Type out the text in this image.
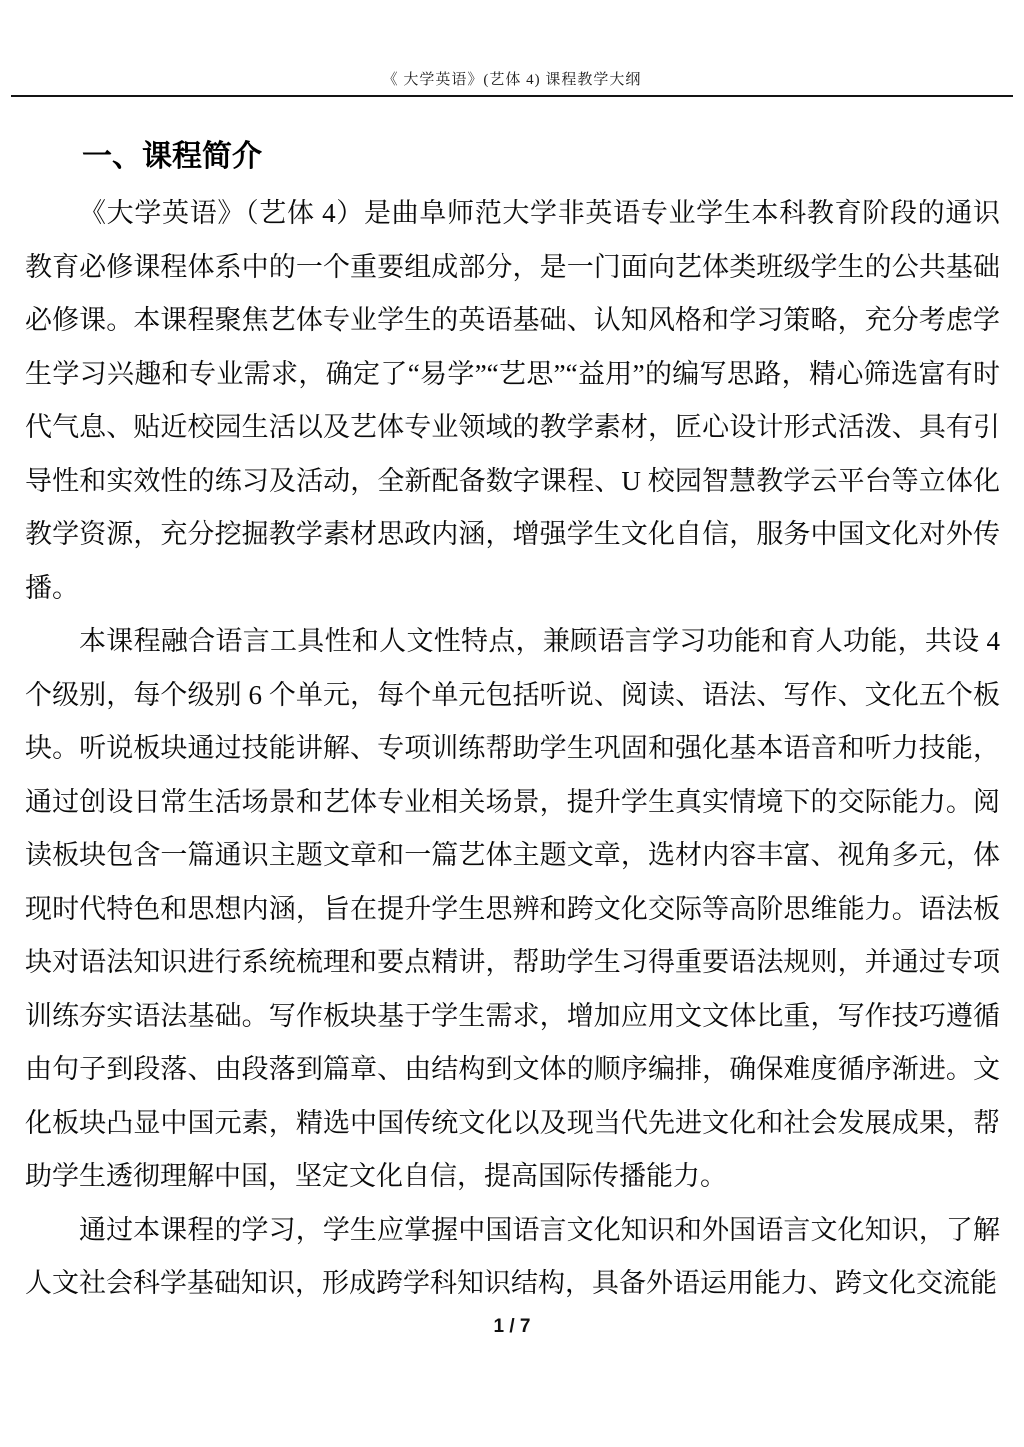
《 大学英语》(艺体 4) 课程教学大纲
一、课程简介

《大学英语》（艺体 4）是曲阜师范大学非英语专业学生本科教育阶段的通识教育必修课程体系中的一个重要组成部分，是一门面向艺体类班级学生的公共基础必修课。本课程聚焦艺体专业学生的英语基础、认知风格和学习策略，充分考虑学生学习兴趣和专业需求，确定了“易学”“艺思”“益用”的编写思路，精心筛选富有时代气息、贴近校园生活以及艺体专业领域的教学素材，匠心设计形式活泼、具有引导性和实效性的练习及活动，全新配备数字课程、U 校园智慧教学云平台等立体化教学资源，充分挖掘教学素材思政内涵，增强学生文化自信，服务中国文化对外传播。

本课程融合语言工具性和人文性特点，兼顾语言学习功能和育人功能，共设 4 个级别，每个级别 6 个单元，每个单元包括听说、阅读、语法、写作、文化五个板块。听说板块通过技能讲解、专项训练帮助学生巩固和强化基本语音和听力技能，通过创设日常生活场景和艺体专业相关场景，提升学生真实情境下的交际能力。阅读板块包含一篇通识主题文章和一篇艺体主题文章，选材内容丰富、视角多元，体现时代特色和思想内涵，旨在提升学生思辨和跨文化交际等高阶思维能力。语法板块对语法知识进行系统梳理和要点精讲，帮助学生习得重要语法规则，并通过专项训练夯实语法基础。写作板块基于学生需求，增加应用文文体比重，写作技巧遵循由句子到段落、由段落到篇章、由结构到文体的顺序编排，确保难度循序渐进。文化板块凸显中国元素，精选中国传统文化以及现当代先进文化和社会发展成果，帮助学生透彻理解中国，坚定文化自信，提高国际传播能力。

通过本课程的学习，学生应掌握中国语言文化知识和外国语言文化知识，了解人文社会科学基础知识，形成跨学科知识结构，具备外语运用能力、跨文化交流能

1 / 7
